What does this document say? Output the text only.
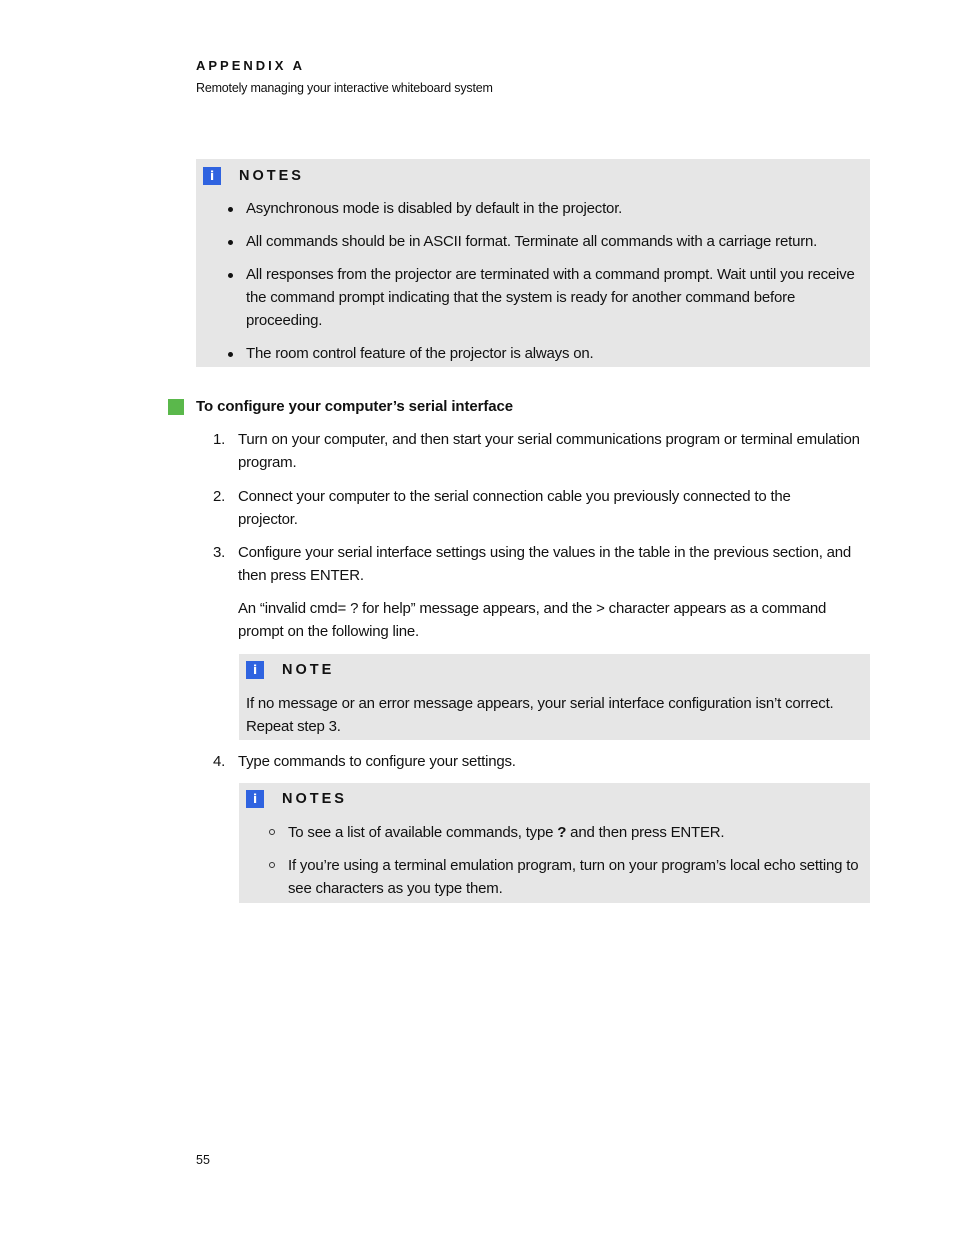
APPENDIX A
Remotely managing your interactive whiteboard system
i	NOTES
Asynchronous mode is disabled by default in the projector.
All commands should be in ASCII format. Terminate all commands with a carriage return.
All responses from the projector are terminated with a command prompt. Wait until you receive the command prompt indicating that the system is ready for another command before proceeding.
The room control feature of the projector is always on.
To configure your computer’s serial interface
1. Turn on your computer, and then start your serial communications program or terminal emulation program.
2. Connect your computer to the serial connection cable you previously connected to the projector.
3. Configure your serial interface settings using the values in the table in the previous section, and then press ENTER.
An “invalid cmd= ? for help” message appears, and the > character appears as a command prompt on the following line.
i	NOTE
If no message or an error message appears, your serial interface configuration isn’t correct. Repeat step 3.
4. Type commands to configure your settings.
i	NOTES
To see a list of available commands, type ? and then press ENTER.
If you’re using a terminal emulation program, turn on your program’s local echo setting to see characters as you type them.
55
